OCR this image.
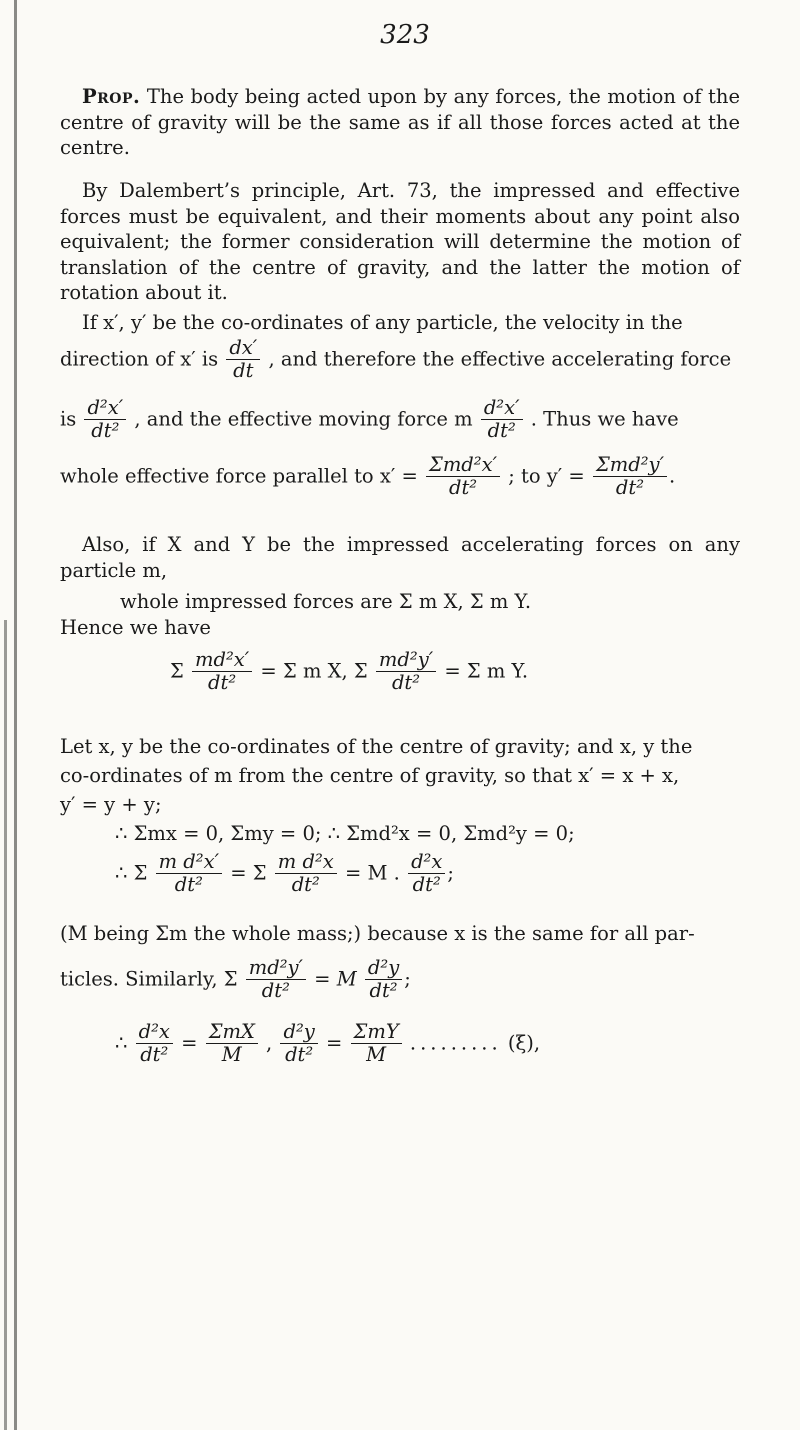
323

Prop. The body being acted upon by any forces, the motion of the centre of gravity will be the same as if all those forces acted at the centre.

By Dalembert’s principle, Art. 73, the impressed and effective forces must be equivalent, and their moments about any point also equivalent; the former consideration will determine the motion of translation of the centre of gravity, and the latter the motion of rotation about it.

If x′, y′ be the co-ordinates of any particle, the velocity in the
direction of x′ is $\frac{dx'}{dt}$ , and therefore the effective accelerating force
is $\frac{\text{d²x′}}{\text{dt²}}$ , and the effective moving force m $\frac{\text{d²x′}}{\text{dt²}}$ . Thus we have
whole effective force parallel to $x' = \frac{\text{Σmd²x′}}{\text{dt²}}$ ; to $y' = \frac{\text{Σmd²y′}}{\text{dt²}}$ .

Also, if X and Y be the impressed accelerating forces on any particle m,

whole impressed forces are Σ m X, Σ m Y.
Hence we have
Σ $\frac{\text{md²x′}}{\text{dt²}} = \Sigma$ m X, Σ $\frac{\text{md²y′}}{\text{dt²}} = \Sigma$ m Y.
Let x, y be the co-ordinates of the centre of gravity; and x, y the
co-ordinates of m from the centre of gravity, so that x′ = x + x,
y′ = y + y;
∴ Σmx = 0, Σmy = 0; ∴ Σmd²x = 0, Σmd²y = 0;
∴ Σ $\frac{\text{m d²x′}}{\text{dt²}} = \Sigma \frac{\text{m d²x}}{\text{dt²}} = M$ . $\frac{\text{d²x}}{\text{dt²}}$ ;
(M being Σm the whole mass;) because x is the same for all par-
ticles. Similarly, Σ $\frac{\text{md²y′}}{\text{dt²}} = M \frac{\text{d²y}}{\text{dt²}}$ ;
∴ $\frac{\text{d²x}}{\text{dt²}} = \frac{\text{ΣmX}}{M}$ , $\frac{\text{d²y}}{\text{dt²}} = \frac{\text{ΣmY}}{M}$ ......... (ξ),
